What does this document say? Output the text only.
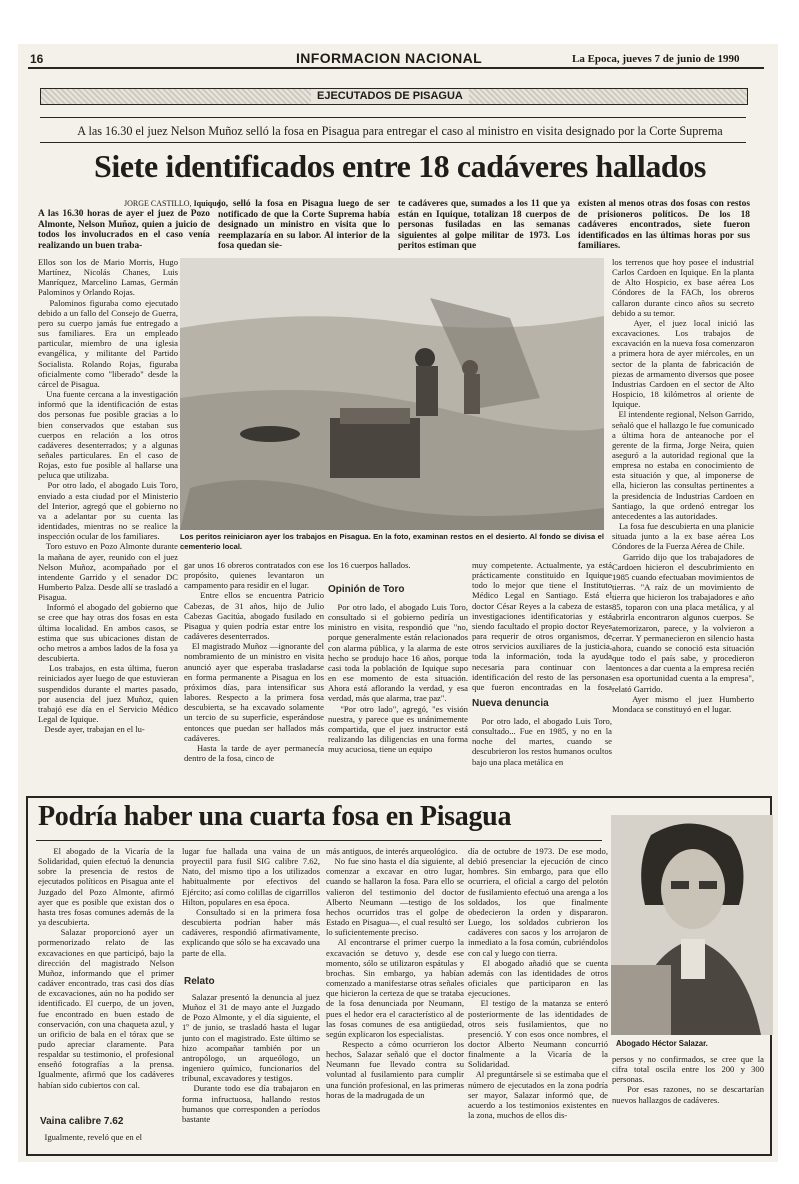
16	INFORMACION NACIONAL	La Epoca, jueves 7 de junio de 1990
EJECUTADOS DE PISAGUA
A las 16.30 el juez Nelson Muñoz selló la fosa en Pisagua para entregar el caso al ministro en visita designado por la Corte Suprema
Siete identificados entre 18 cadáveres hallados
JORGE CASTILLO, Iquique
A las 16.30 horas de ayer el juez de Pozo Almonte, Nelson Muñoz, quien a juicio de todos los involucrados en el caso venía realizando un buen traba-
jo, selló la fosa en Pisagua luego de ser notificado de que la Corte Suprema había designado un ministro en visita que lo reemplazaría en su labor. Al interior de la fosa quedan sie-
te cadáveres que, sumados a los 11 que ya están en Iquique, totalizan 18 cuerpos de personas fusiladas en las semanas siguientes al golpe militar de 1973. Los peritos estiman que
existen al menos otras dos fosas con restos de prisioneros políticos. De los 18 cadáveres encontrados, siete fueron identificados en las últimas horas por sus familiares.
Los peritos reiniciaron ayer los trabajos en Pisagua. En la foto, examinan restos en el desierto. Al fondo se divisa el cementerio local.
Ellos son los de Mario Morris, Hugo Martínez, Nicolás Chanes, Luis Manríquez, Marcelino Lamas, Germán Palominos y Orlando Rojas.
Palominos figuraba como ejecutado debido a un fallo del Consejo de Guerra, pero su cuerpo jamás fue entregado a sus familiares. Era un empleado particular, miembro de una iglesia evangélica, y militante del Partido Socialista. Rolando Rojas, figuraba oficialmente como "liberado" desde la cárcel de Pisagua.
Una fuente cercana a la investigación informó que la identificación de estas dos personas fue posible gracias a lo bien conservados que estaban sus cuerpos en relación a los otros cadáveres desenterrados; y a algunas señales particulares. En el caso de Rojas, esto fue posible al hallarse una peluca que utilizaba.
Por otro lado, el abogado Luis Toro, enviado a esta ciudad por el Ministerio del Interior, agregó que el gobierno no va a adelantar por su cuenta las identidades, mientras no se realice la inspección ocular de los familiares.
Toro estuvo en Pozo Almonte durante la mañana de ayer, reunido con el juez Nelson Muñoz, acompañado por el intendente Garrido y el senador DC Humberto Palza. Desde allí se trasladó a Pisagua.
Informó el abogado del gobierno que se cree que hay otras dos fosas en esta última localidad. En ambos casos, se estima que sus ubicaciones distan de ocho metros a ambos lados de la fosa ya descubierta.
Los trabajos, en esta última, fueron reiniciados ayer luego de que estuvieran suspendidos durante el martes pasado, por ausencia del juez Muñoz, quien trabajó ese día en el Servicio Médico Legal de Iquique.
Desde ayer, trabajan en el lu-
gar unos 16 obreros contratados con ese propósito, quienes levantaron un campamento para residir en el lugar.
Entre ellos se encuentra Patricio Cabezas, de 31 años, hijo de Julio Cabezas Gacitúa, abogado fusilado en Pisagua y quien podría estar entre los cadáveres desenterrados.
El magistrado Muñoz —ignorante del nombramiento de un ministro en visita anunció ayer que esperaba trasladarse en forma permanente a Pisagua en los próximos días, para intensificar sus labores. Respecto a la primera fosa descubierta, se ha excavado solamente un tercio de su superficie, esperándose entonces que puedan ser hallados más cadáveres.
Hasta la tarde de ayer permanecía dentro de la fosa, cinco de
los 16 cuerpos hallados.
Opinión de Toro
Por otro lado, el abogado Luis Toro, consultado si el gobierno pediría un ministro en visita, respondió que "no, porque generalmente están relacionados con alarma pública, y la alarma de este hecho se produjo hace 16 años, porque casi toda la población de Iquique supo en ese momento de esta situación. Ahora está aflorando la verdad, y esa verdad, más que alarma, trae paz".
"Por otro lado", agregó, "es visión nuestra, y parece que es unánimemente compartida, que el juez instructor está realizando las diligencias en una forma muy acuciosa, tiene un equipo
muy competente. Actualmente, ya está prácticamente constituido en Iquique todo lo mejor que tiene el Instituto Médico Legal en Santiago. Está el doctor César Reyes a la cabeza de estas investigaciones identificatorias y está siendo facultado el propio doctor Reyes para requerir de otros organismos, de otros servicios auxiliares de la justicia, toda la información, toda la ayuda necesaria para continuar con la identificación del resto de las personas que fueron encontradas en la fosa
Nueva denuncia
Por otro lado, el abogado Luis Toro, consultado... Fue en 1985, y no en la noche del martes, cuando se descubrieron los restos humanos ocultos bajo una placa metálica en
los terrenos que hoy posee el industrial Carlos Cardoen en Iquique. En la planta de Alto Hospicio, ex base aérea Los Cóndores de la FACh, los obreros callaron durante cinco años su secreto debido a su temor.
Ayer, el juez local inició las excavaciones. Los trabajos de excavación en la nueva fosa comenzaron a primera hora de ayer miércoles, en un sector de la planta de fabricación de piezas de armamento diversos que posee Industrias Cardoen en el sector de Alto Hospicio, 18 kilómetros al oriente de Iquique.
El intendente regional, Nelson Garrido, señaló que el hallazgo le fue comunicado a última hora de anteanoche por el gerente de la firma, Jorge Neira, quien aseguró a la autoridad regional que la empresa no estaba en conocimiento de esta situación y que, al imponerse de ella, hicieron las consultas pertinentes a la presidencia de Industrias Cardoen en Santiago, la que ordenó entregar los antecedentes a las autoridades.
La fosa fue descubierta en una planicie situada junto a la ex base aérea Los Cóndores de la Fuerza Aérea de Chile.
Garrido dijo que los trabajadores de Cardoen hicieron el descubrimiento en 1985 cuando efectuaban movimientos de tierras. "A raíz de un movimiento de tierra que hicieron los trabajadores e año 85, toparon con una placa metálica, y al abrirla encontraron algunos cuerpos. Se atemorizaron, parece, y la volvieron a cerrar. Y permanecieron en silencio hasta ahora, cuando se conoció esta situación que todo el país sabe, y procedieron entonces a dar cuenta a la empresa recién en esa oportunidad cuenta a la empresa", relató Garrido.
Ayer mismo el juez Humberto Mondaca se constituyó en el lugar.
Podría haber una cuarta fosa en Pisagua
El abogado de la Vicaría de la Solidaridad, quien efectuó la denuncia sobre la presencia de restos de ejecutados políticos en Pisagua ante el Juzgado del Pozo Almonte, afirmó ayer que es posible que existan dos o hasta tres fosas comunes además de la ya descubierta.
Salazar proporcionó ayer un pormenorizado relato de las excavaciones en que participó, bajo la dirección del magistrado Nelson Muñoz, informando que el primer cadáver encontrado, tras casi dos días de excavaciones, aún no ha podido ser identificado. El cuerpo, de un joven, fue encontrado en buen estado de conservación, con una chaqueta azul, y un orificio de bala en el tórax que se pudo apreciar claramente. Para respaldar su testimonio, el profesional enseñó fotografías a la prensa. Igualmente, afirmó que los cadáveres habían sido cubiertos con cal.
Vaina calibre 7.62
Igualmente, reveló que en el
lugar fue hallada una vaina de un proyectil para fusil SIG calibre 7.62, Nato, del mismo tipo a los utilizados habitualmente por efectivos del Ejército; así como colillas de cigarrillos Hilton, populares en esa época.
Consultado si en la primera fosa descubierta podrían haber más cadáveres, respondió afirmativamente, explicando que sólo se ha excavado una parte de ella.
Relato
Salazar presentó la denuncia al juez Muñoz el 31 de mayo ante el Juzgado de Pozo Almonte, y el día siguiente, el 1º de junio, se trasladó hasta el lugar junto con el magistrado. Este último se hizo acompañar también por un antropólogo, un arqueólogo, un ingeniero químico, funcionarios del tribunal, excavadores y testigos.
Durante todo ese día trabajaron en forma infructuosa, hallando restos humanos que corresponden a períodos bastante
más antiguos, de interés arqueológico.
No fue sino hasta el día siguiente, al comenzar a excavar en otro lugar, cuando se hallaron la fosa. Para ello se valieron del testimonio del doctor Alberto Neumann —testigo de los hechos ocurridos tras el golpe de Estado en Pisagua—, el cual resultó ser lo suficientemente preciso.
Al encontrarse el primer cuerpo la excavación se detuvo y, desde ese momento, sólo se utilizaron espátulas y brochas. Sin embargo, ya habían comenzado a manifestarse otras señales que hicieron la certeza de que se trataba de la fosa denunciada por Neumann, pues el hedor era el característico al de las fosas comunes de esa antigüedad, según explicaron los especialistas.
Respecto a cómo ocurrieron los hechos, Salazar señaló que el doctor Neumann fue llevado contra su voluntad al fusilamiento para cumplir una función profesional, en las primeras horas de la madrugada de un
día de octubre de 1973. De ese modo, debió presenciar la ejecución de cinco hombres. Sin embargo, para que ello ocurriera, el oficial a cargo del pelotón de fusilamiento efectuó una arenga a los soldados, los que finalmente obedecieron la orden y dispararon. Luego, los soldados cubrieron los cadáveres con sacos y los arrojaron de inmediato a la fosa común, cubriéndolos con cal y luego con tierra.
El abogado añadió que se cuenta además con las identidades de otros oficiales que participaron en las ejecuciones.
El testigo de la matanza se enteró posteriormente de las identidades de otros seis fusilamientos, que no presenció. Y con esos once nombres, el doctor Alberto Neumann concurrió finalmente a la Vicaría de la Solidaridad.
Al preguntársele si se estimaba que el número de ejecutados en la zona podría ser mayor, Salazar informó que, de acuerdo a los testimonios existentes en la zona, muchos de ellos dis-
Abogado Héctor Salazar.
persos y no confirmados, se cree que la cifra total oscila entre los 200 y 300 personas.
Por esas razones, no se descartarían nuevos hallazgos de cadáveres.
